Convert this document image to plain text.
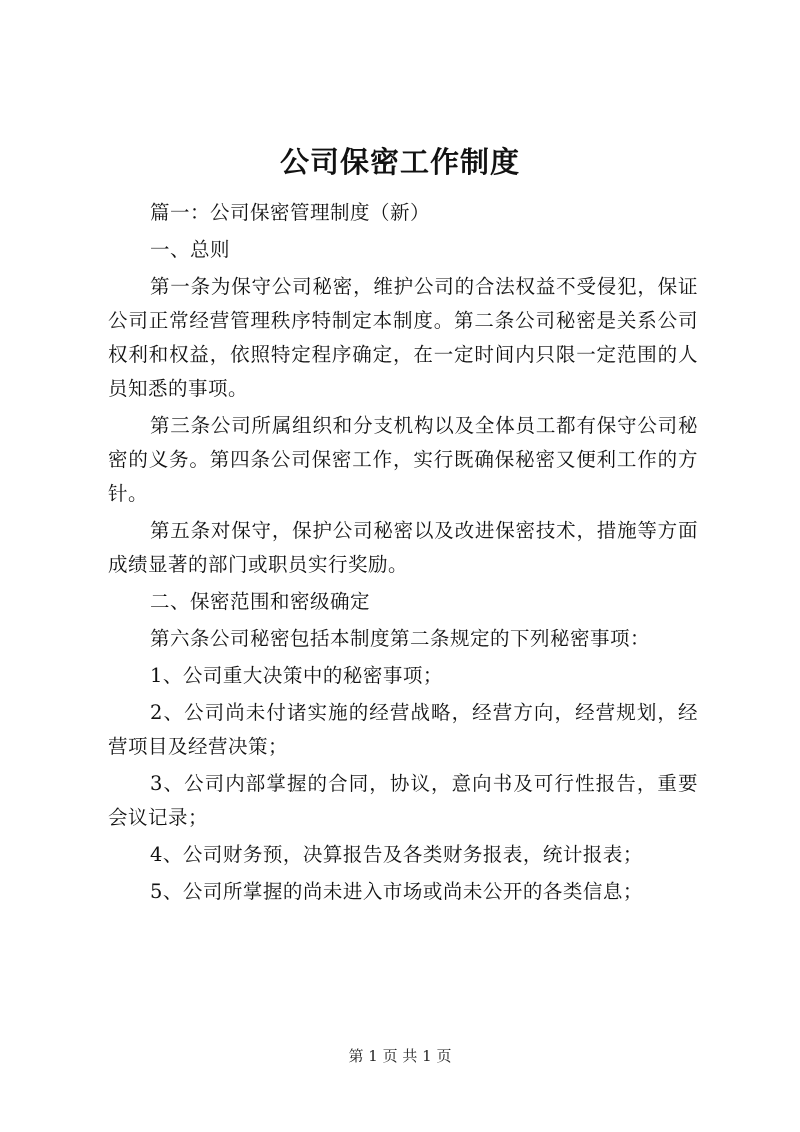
公司保密工作制度

篇一：公司保密管理制度（新）

一、总则

第一条为保守公司秘密，维护公司的合法权益不受侵犯，保证公司正常经营管理秩序特制定本制度。第二条公司秘密是关系公司权利和权益，依照特定程序确定，在一定时间内只限一定范围的人员知悉的事项。

第三条公司所属组织和分支机构以及全体员工都有保守公司秘密的义务。第四条公司保密工作，实行既确保秘密又便利工作的方针。

第五条对保守，保护公司秘密以及改进保密技术，措施等方面成绩显著的部门或职员实行奖励。

二、保密范围和密级确定

第六条公司秘密包括本制度第二条规定的下列秘密事项：

1、公司重大决策中的秘密事项；

2、公司尚未付诸实施的经营战略，经营方向，经营规划，经营项目及经营决策；

3、公司内部掌握的合同，协议，意向书及可行性报告，重要会议记录；

4、公司财务预，决算报告及各类财务报表，统计报表；

5、公司所掌握的尚未进入市场或尚未公开的各类信息；

第 1 页 共 1 页
